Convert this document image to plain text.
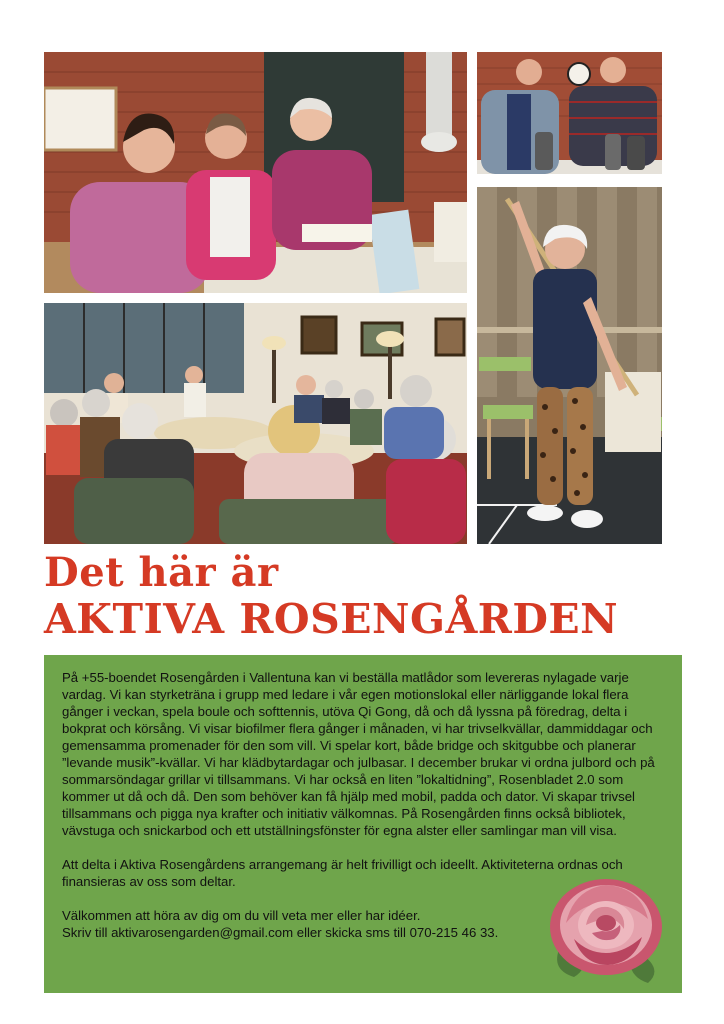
Det här är
AKTIVA ROSENGÅRDEN

På +55-boendet Rosengården i Vallentuna kan vi beställa matlådor som levereras nylagade varje vardag. Vi kan styrketräna i grupp med ledare i vår egen motionslokal eller närliggande lokal flera gånger i veckan, spela boule och softtennis, utöva Qi Gong, då och då lyssna på föredrag, delta i bokprat och körsång. Vi visar biofilmer flera gånger i månaden, vi har trivselkvällar, dammiddagar och gemensamma promenader för den som vill. Vi spelar kort, både bridge och skitgubbe och planerar ”levande musik”-kvällar. Vi har klädbytardagar och julbasar. I december brukar vi ordna julbord och på sommarsöndagar grillar vi tillsammans. Vi har också en liten ”lokaltidning”, Rosenbladet 2.0 som kommer ut då och då. Den som behöver kan få hjälp med mobil, padda och dator. Vi skapar trivsel tillsammans och pigga nya krafter och initiativ välkomnas. På Rosengården finns också bibliotek, vävstuga och snickarbod och ett utställningsfönster för egna alster eller samlingar man vill visa.

Att delta i Aktiva Rosengårdens arrangemang är helt frivilligt och ideellt. Aktiviteterna ordnas och finansieras av oss som deltar.

Välkommen att höra av dig om du vill veta mer eller har idéer.
Skriv till aktivarosengarden@gmail.com eller skicka sms till 070-215 46 33.
